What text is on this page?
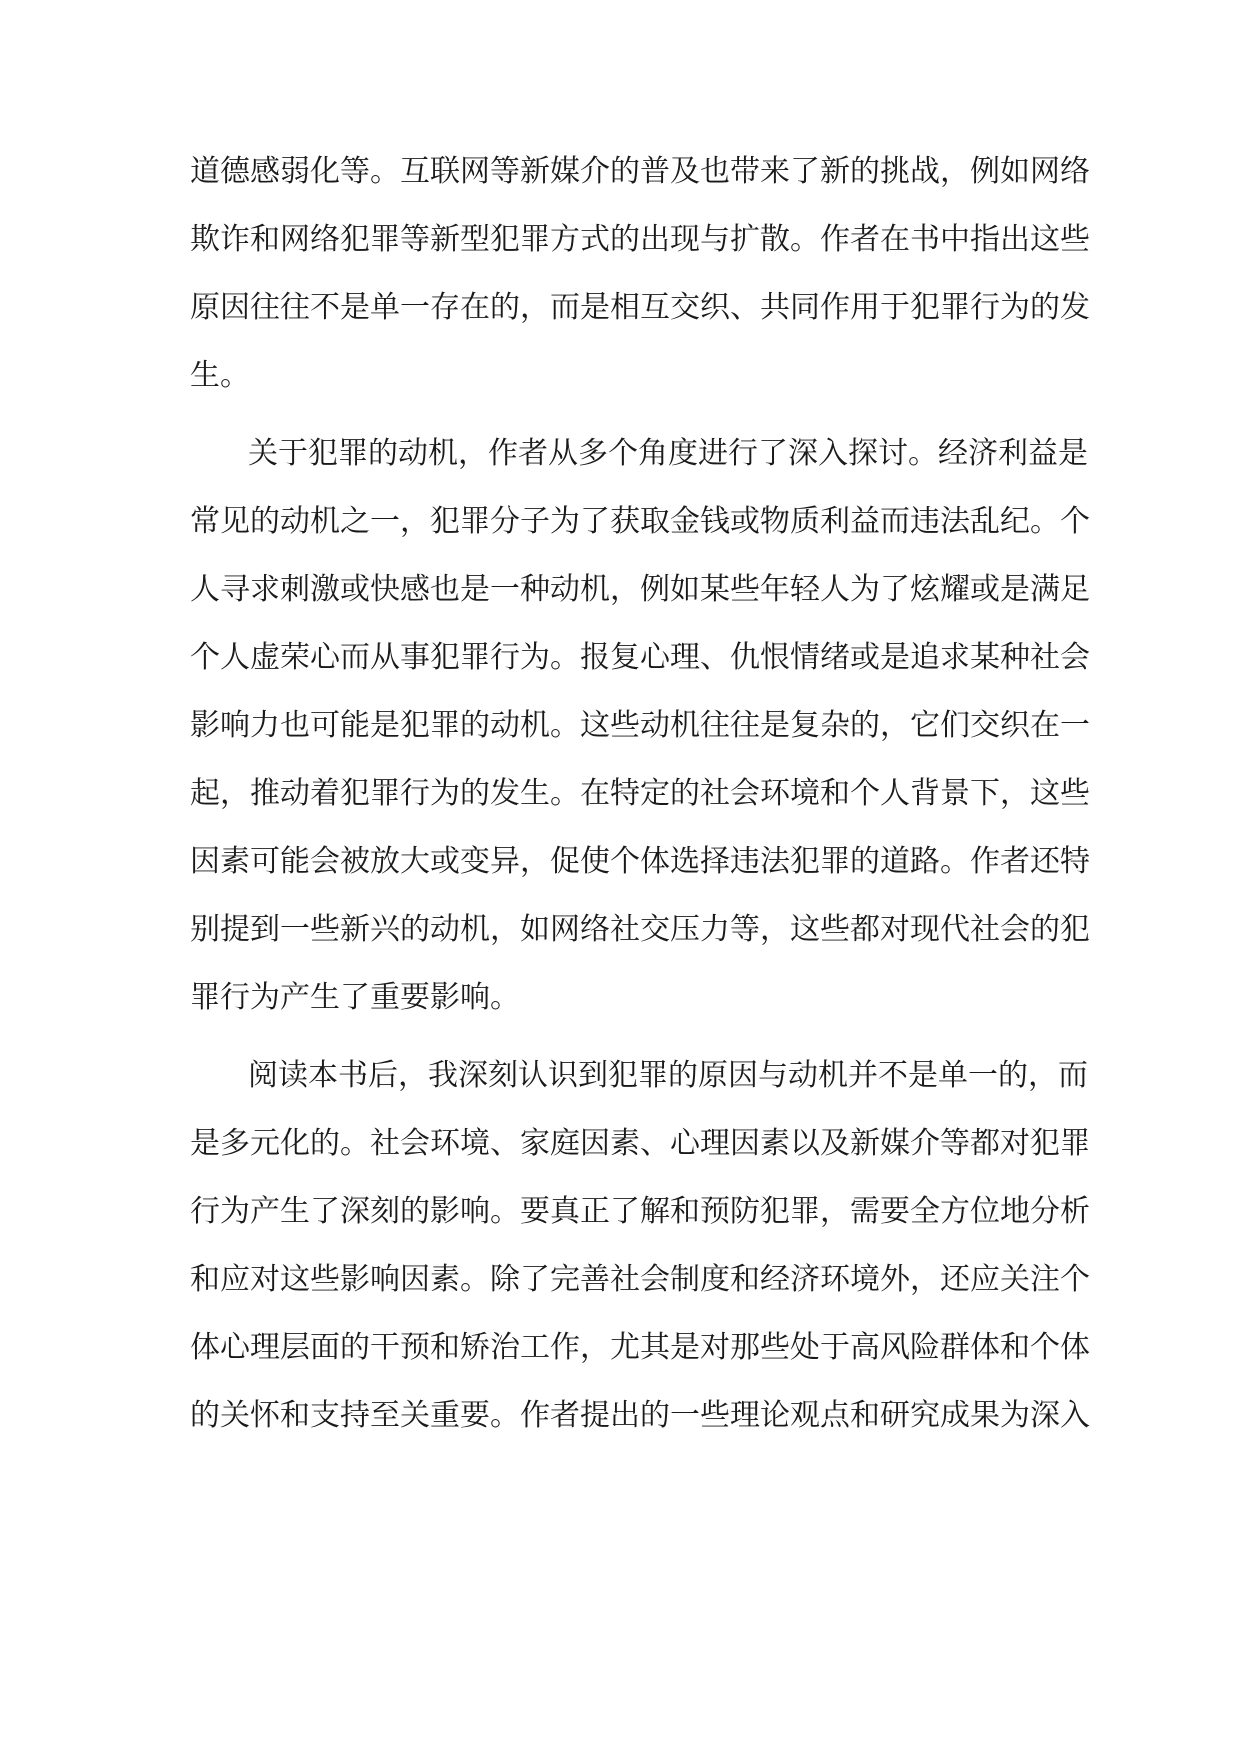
道德感弱化等。互联网等新媒介的普及也带来了新的挑战，例如网络
欺诈和网络犯罪等新型犯罪方式的出现与扩散。作者在书中指出这些
原因往往不是单一存在的，而是相互交织、共同作用于犯罪行为的发
生。
关于犯罪的动机，作者从多个角度进行了深入探讨。经济利益是
常见的动机之一，犯罪分子为了获取金钱或物质利益而违法乱纪。个
人寻求刺激或快感也是一种动机，例如某些年轻人为了炫耀或是满足
个人虚荣心而从事犯罪行为。报复心理、仇恨情绪或是追求某种社会
影响力也可能是犯罪的动机。这些动机往往是复杂的，它们交织在一
起，推动着犯罪行为的发生。在特定的社会环境和个人背景下，这些
因素可能会被放大或变异，促使个体选择违法犯罪的道路。作者还特
别提到一些新兴的动机，如网络社交压力等，这些都对现代社会的犯
罪行为产生了重要影响。
阅读本书后，我深刻认识到犯罪的原因与动机并不是单一的，而
是多元化的。社会环境、家庭因素、心理因素以及新媒介等都对犯罪
行为产生了深刻的影响。要真正了解和预防犯罪，需要全方位地分析
和应对这些影响因素。除了完善社会制度和经济环境外，还应关注个
体心理层面的干预和矫治工作，尤其是对那些处于高风险群体和个体
的关怀和支持至关重要。作者提出的一些理论观点和研究成果为深入
